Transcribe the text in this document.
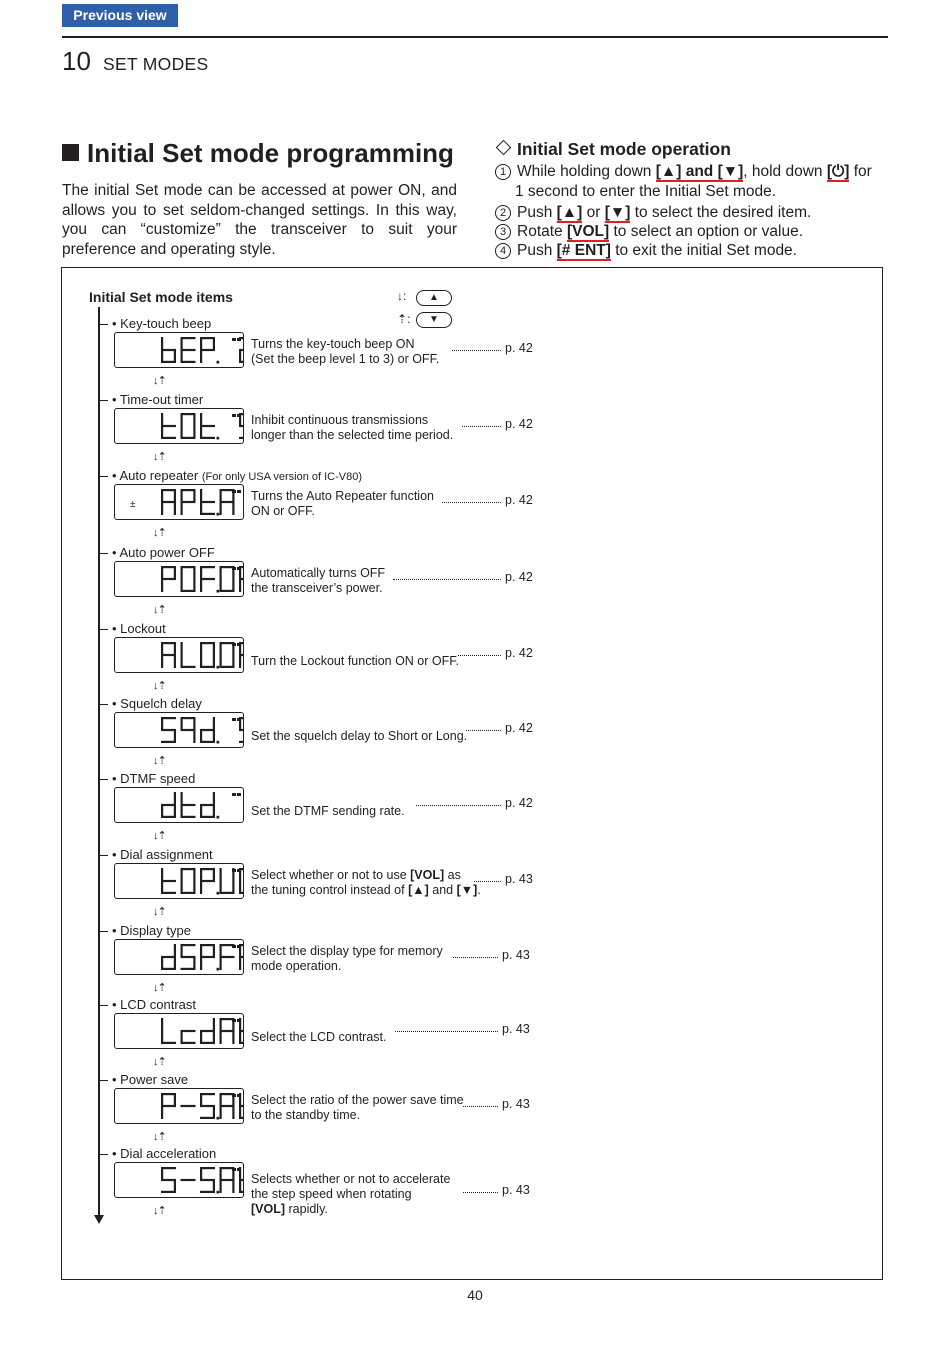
Previous view
10 SET MODES
Initial Set mode programming
The initial Set mode can be accessed at power ON, and allows you to set seldom-changed settings. In this way, you can “customize” the transceiver to suit your preference and operating style.
Initial Set mode operation
1 While holding down [▲] and [▼], hold down [⏻] for
1 second to enter the Initial Set mode.
2 Push [▲] or [▼] to select the desired item.
3 Rotate [VOL] to select an option or value.
4 Push [# ENT] to exit the initial Set mode.
Initial Set mode items	↓:	▲
⇡:	▼
• Key-touch beep
Turns the key-touch beep ON
(Set the beep level 1 to 3) or OFF.
p. 42
↓⇡
• Time-out timer
Inhibit continuous transmissions
longer than the selected time period.
p. 42
↓⇡
• Auto repeater (For only USA version of IC-V80)
±
Turns the Auto Repeater function
ON or OFF.
p. 42
↓⇡
• Auto power OFF
Automatically turns OFF
the transceiver’s power.
p. 42
↓⇡
• Lockout
Turn the Lockout function ON or OFF.
p. 42
↓⇡
• Squelch delay
Set the squelch delay to Short or Long.
p. 42
↓⇡
• DTMF speed
Set the DTMF sending rate.
p. 42
↓⇡
• Dial assignment
Select whether or not to use [VOL] as
the tuning control instead of [▲] and [▼].
p. 43
↓⇡
• Display type
Select the display type for memory
mode operation.
p. 43
↓⇡
• LCD contrast
Select the LCD contrast.
p. 43
↓⇡
• Power save
Select the ratio of the power save time
to the standby time.
p. 43
↓⇡
• Dial acceleration
Selects whether or not to accelerate
the step speed when rotating
[VOL] rapidly.
p. 43
↓⇡
40
